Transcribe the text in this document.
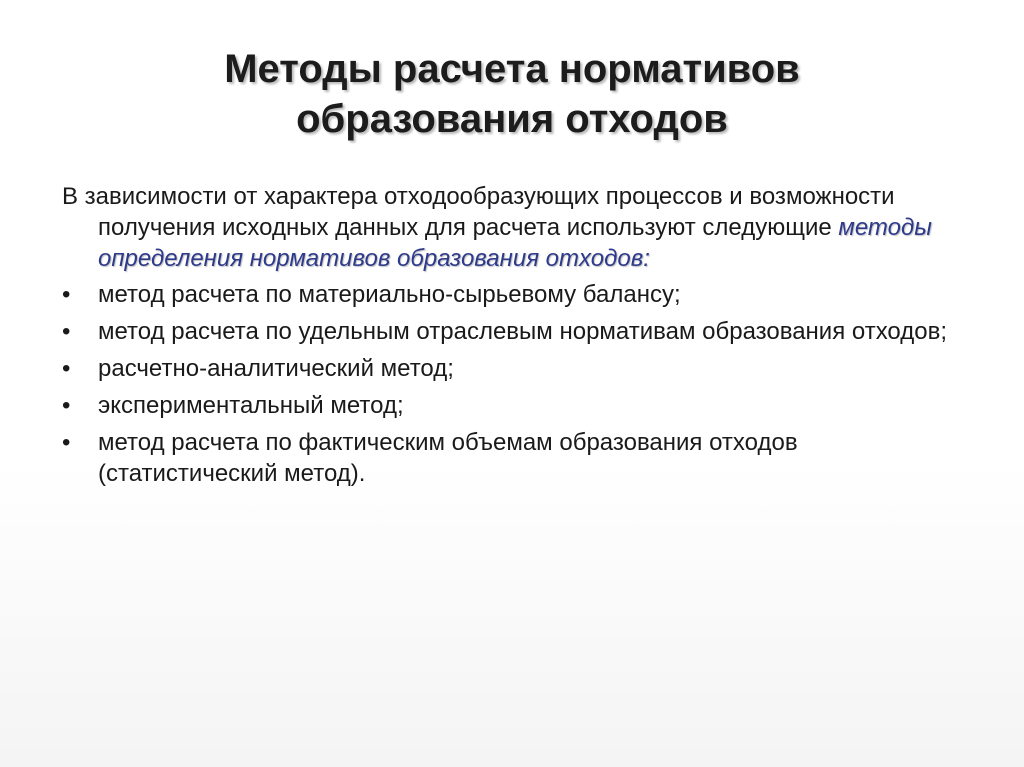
Методы расчета нормативов
образования отходов

В зависимости от характера отходообразующих процессов и возможности получения исходных данных для расчета используют следующие методы определения нормативов образования отходов:

•	метод расчета по материально-сырьевому балансу;
•	метод расчета по удельным отраслевым нормативам образования отходов;
•	расчетно-аналитический метод;
•	экспериментальный метод;
•	метод расчета по фактическим объемам образования отходов (статистический метод).
